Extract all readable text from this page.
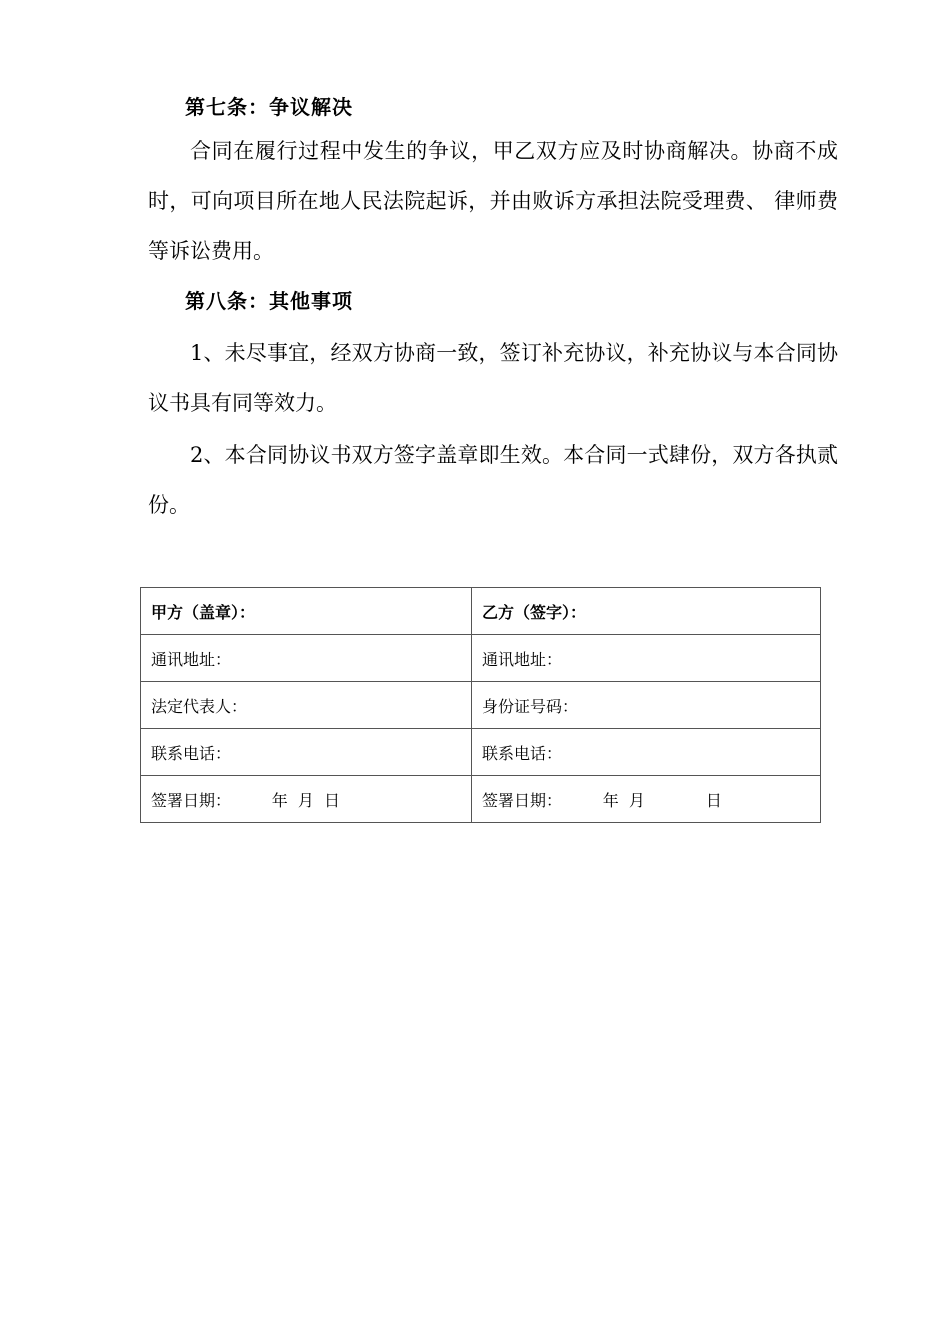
第七条：争议解决
合同在履行过程中发生的争议，甲乙双方应及时协商解决。协商不成时，可向项目所在地人民法院起诉，并由败诉方承担法院受理费、 律师费等诉讼费用。
第八条：其他事项
1、未尽事宜，经双方协商一致，签订补充协议，补充协议与本合同协议书具有同等效力。
2、本合同协议书双方签字盖章即生效。本合同一式肆份，双方各执贰份。
甲方（盖章）：	乙方（签字）：
通讯地址：	通讯地址：
法定代表人：	身份证号码：
联系电话：	联系电话：
签署日期：        年  月  日	签署日期：        年  月            日
